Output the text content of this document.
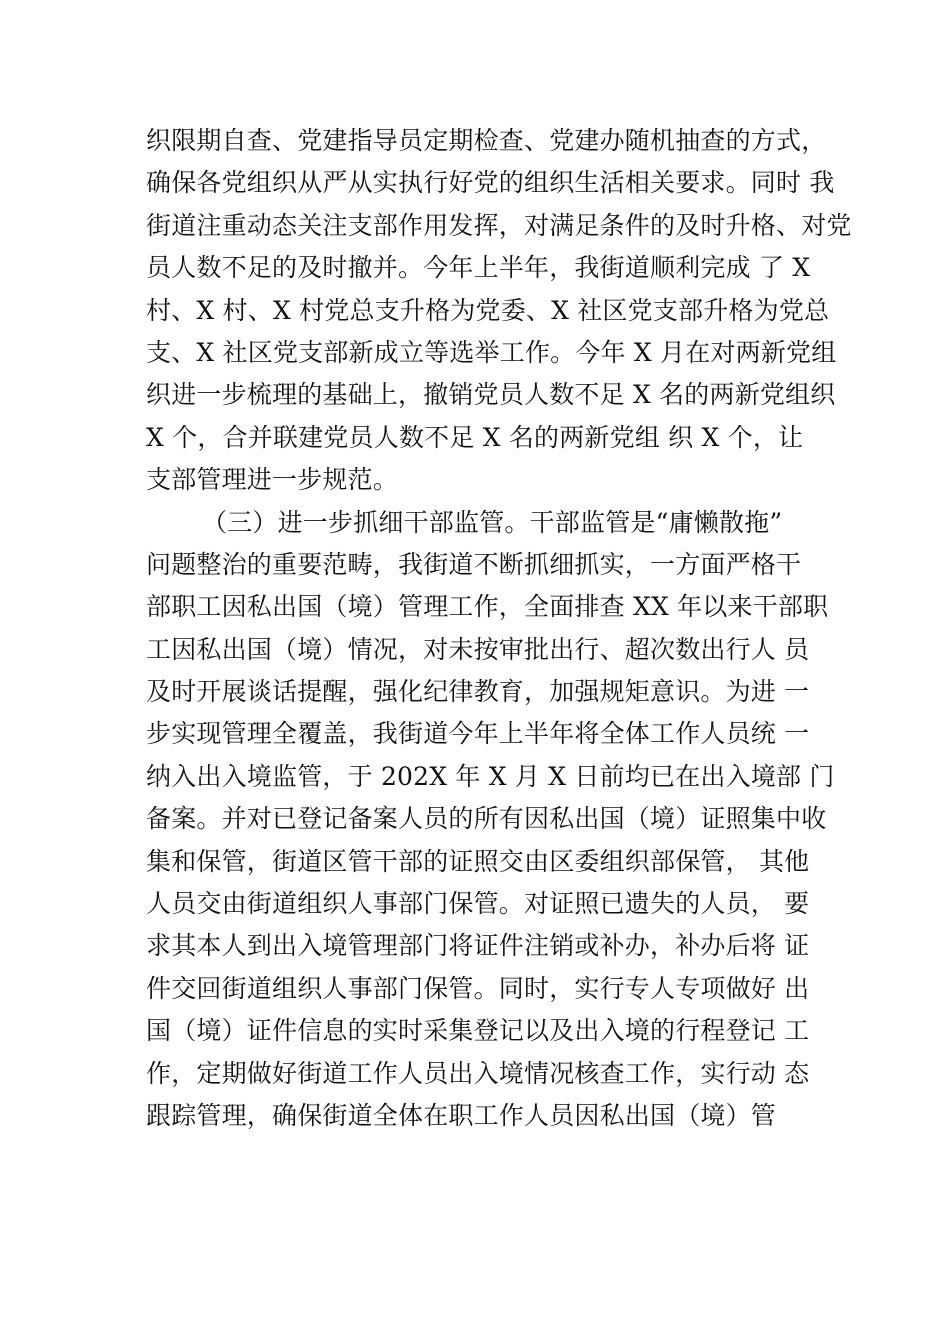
织限期自查、党建指导员定期检查、党建办随机抽查的方式，
确保各党组织从严从实执行好党的组织生活相关要求。同时 我
街道注重动态关注支部作用发挥，对满足条件的及时升格、对党
员人数不足的及时撤并。今年上半年，我街道顺利完成 了 X
村、X 村、X 村党总支升格为党委、X 社区党支部升格为党总
支、X 社区党支部新成立等选举工作。今年 X 月在对两新党组
织进一步梳理的基础上，撤销党员人数不足 X 名的两新党组织
X 个，合并联建党员人数不足 X 名的两新党组 织 X 个，让
支部管理进一步规范。
（三）进一步抓细干部监管。干部监管是“庸懒散拖”
问题整治的重要范畴，我街道不断抓细抓实，一方面严格干
部职工因私出国（境）管理工作，全面排查 XX 年以来干部职
工因私出国（境）情况，对未按审批出行、超次数出行人 员
及时开展谈话提醒，强化纪律教育，加强规矩意识。为进 一
步实现管理全覆盖，我街道今年上半年将全体工作人员统 一
纳入出入境监管，于 202X 年 X 月 X 日前均已在出入境部 门
备案。并对已登记备案人员的所有因私出国（境）证照集中收
集和保管，街道区管干部的证照交由区委组织部保管， 其他
人员交由街道组织人事部门保管。对证照已遗失的人员， 要
求其本人到出入境管理部门将证件注销或补办，补办后将 证
件交回街道组织人事部门保管。同时，实行专人专项做好 出
国（境）证件信息的实时采集登记以及出入境的行程登记 工
作，定期做好街道工作人员出入境情况核查工作，实行动 态
跟踪管理，确保街道全体在职工作人员因私出国（境）管
